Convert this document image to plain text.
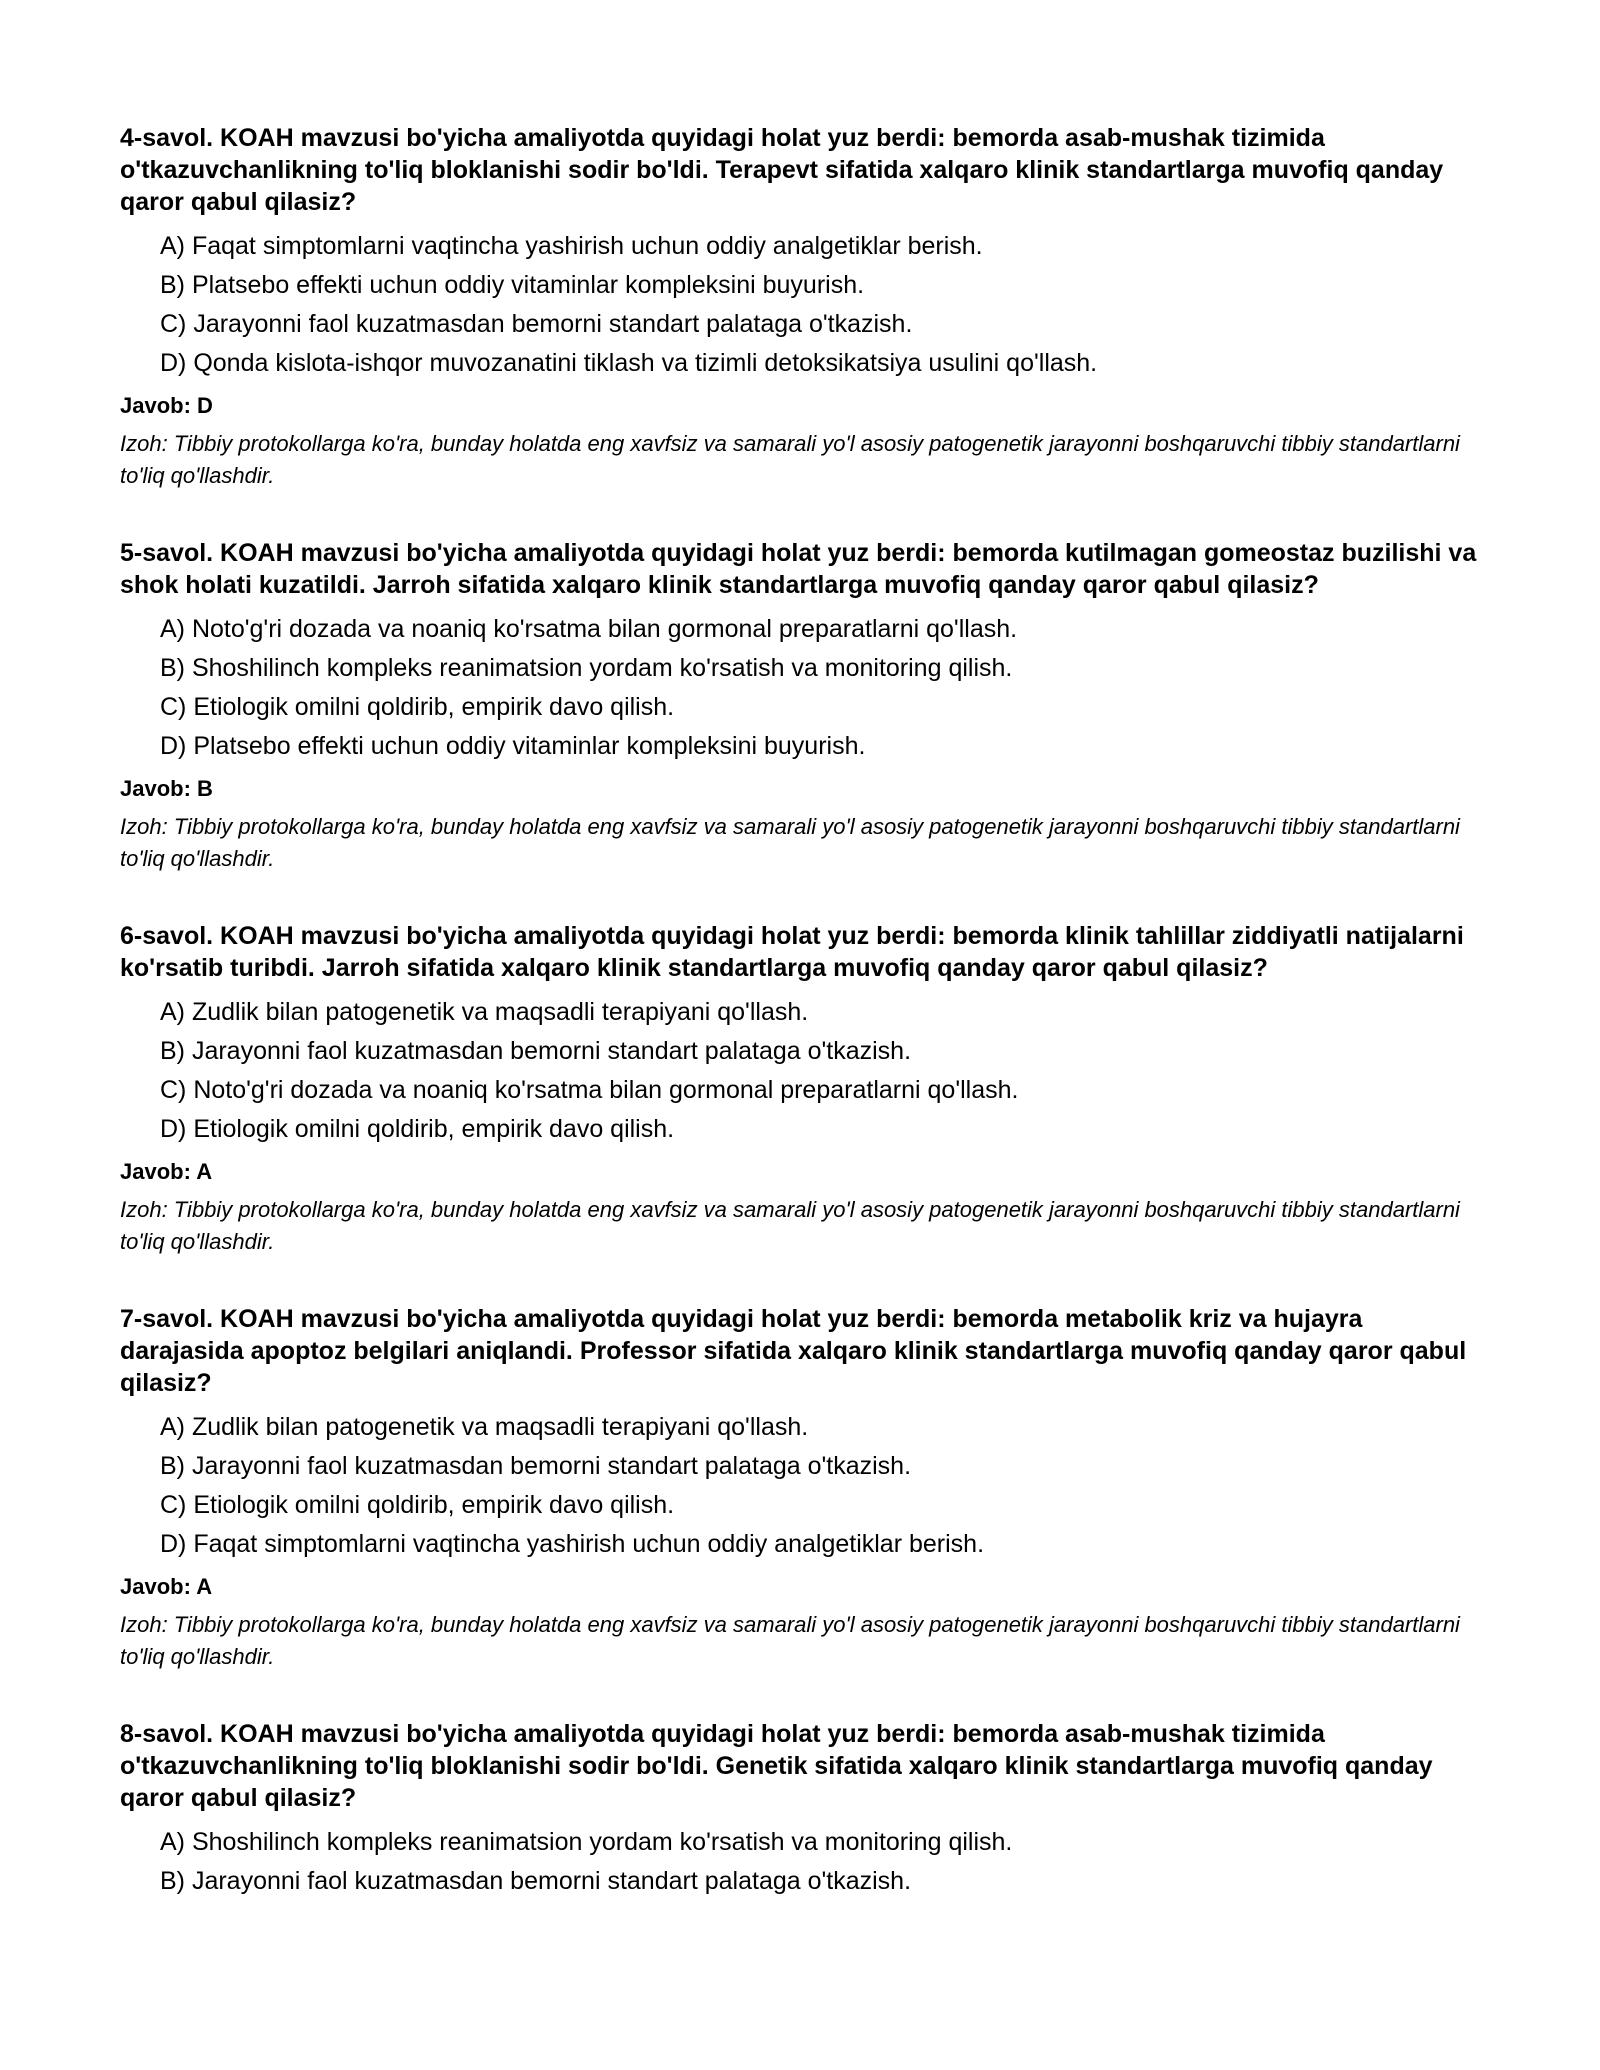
4-savol. KOAH mavzusi bo'yicha amaliyotda quyidagi holat yuz berdi: bemorda asab-mushak tizimida o'tkazuvchanlikning to'liq bloklanishi sodir bo'ldi. Terapevt sifatida xalqaro klinik standartlarga muvofiq qanday qaror qabul qilasiz?

A) Faqat simptomlarni vaqtincha yashirish uchun oddiy analgetiklar berish.
B) Platsebo effekti uchun oddiy vitaminlar kompleksini buyurish.
C) Jarayonni faol kuzatmasdan bemorni standart palataga o'tkazish.
D) Qonda kislota-ishqor muvozanatini tiklash va tizimli detoksikatsiya usulini qo'llash.

Javob: D

Izoh: Tibbiy protokollarga ko'ra, bunday holatda eng xavfsiz va samarali yo'l asosiy patogenetik jarayonni boshqaruvchi tibbiy standartlarni to'liq qo'llashdir.

5-savol. KOAH mavzusi bo'yicha amaliyotda quyidagi holat yuz berdi: bemorda kutilmagan gomeostaz buzilishi va shok holati kuzatildi. Jarroh sifatida xalqaro klinik standartlarga muvofiq qanday qaror qabul qilasiz?

A) Noto'g'ri dozada va noaniq ko'rsatma bilan gormonal preparatlarni qo'llash.
B) Shoshilinch kompleks reanimatsion yordam ko'rsatish va monitoring qilish.
C) Etiologik omilni qoldirib, empirik davo qilish.
D) Platsebo effekti uchun oddiy vitaminlar kompleksini buyurish.

Javob: B

Izoh: Tibbiy protokollarga ko'ra, bunday holatda eng xavfsiz va samarali yo'l asosiy patogenetik jarayonni boshqaruvchi tibbiy standartlarni to'liq qo'llashdir.

6-savol. KOAH mavzusi bo'yicha amaliyotda quyidagi holat yuz berdi: bemorda klinik tahlillar ziddiyatli natijalarni ko'rsatib turibdi. Jarroh sifatida xalqaro klinik standartlarga muvofiq qanday qaror qabul qilasiz?

A) Zudlik bilan patogenetik va maqsadli terapiyani qo'llash.
B) Jarayonni faol kuzatmasdan bemorni standart palataga o'tkazish.
C) Noto'g'ri dozada va noaniq ko'rsatma bilan gormonal preparatlarni qo'llash.
D) Etiologik omilni qoldirib, empirik davo qilish.

Javob: A

Izoh: Tibbiy protokollarga ko'ra, bunday holatda eng xavfsiz va samarali yo'l asosiy patogenetik jarayonni boshqaruvchi tibbiy standartlarni to'liq qo'llashdir.

7-savol. KOAH mavzusi bo'yicha amaliyotda quyidagi holat yuz berdi: bemorda metabolik kriz va hujayra darajasida apoptoz belgilari aniqlandi. Professor sifatida xalqaro klinik standartlarga muvofiq qanday qaror qabul qilasiz?

A) Zudlik bilan patogenetik va maqsadli terapiyani qo'llash.
B) Jarayonni faol kuzatmasdan bemorni standart palataga o'tkazish.
C) Etiologik omilni qoldirib, empirik davo qilish.
D) Faqat simptomlarni vaqtincha yashirish uchun oddiy analgetiklar berish.

Javob: A

Izoh: Tibbiy protokollarga ko'ra, bunday holatda eng xavfsiz va samarali yo'l asosiy patogenetik jarayonni boshqaruvchi tibbiy standartlarni to'liq qo'llashdir.

8-savol. KOAH mavzusi bo'yicha amaliyotda quyidagi holat yuz berdi: bemorda asab-mushak tizimida o'tkazuvchanlikning to'liq bloklanishi sodir bo'ldi. Genetik sifatida xalqaro klinik standartlarga muvofiq qanday qaror qabul qilasiz?

A) Shoshilinch kompleks reanimatsion yordam ko'rsatish va monitoring qilish.
B) Jarayonni faol kuzatmasdan bemorni standart palataga o'tkazish.
